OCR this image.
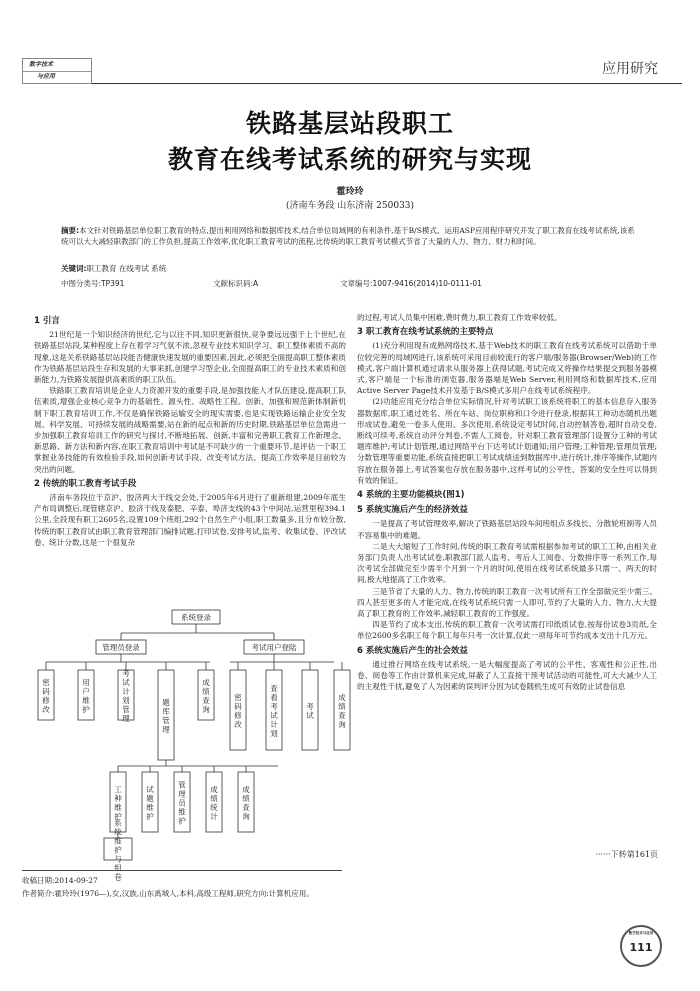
数字技术
与应用	应用研究
铁路基层站段职工
教育在线考试系统的研究与实现
霍玲玲
(济南车务段 山东济南 250033)
摘要:本文针对铁路基层单位职工教育的特点,提出利用网络和数据库技术,结合单位局域网的有利条件,基于B/S模式、运用ASP应用程序研究开发了职工教育在线考试系统,该系统可以大大减轻职教部门的工作负担,提高工作效率,优化职工教育考试的流程,比传统的职工教育考试模式节省了大量的人力、物力、财力和时间。
关键词:职工教育 在线考试 系统
中图分类号:TP391	文献标识码:A	文章编号:1007-9416(2014)10-0111-01
1 引言

21世纪是一个知识经济的世纪,它与以往不同,知识更新很快,竞争要远远强于上个世纪,在铁路基层站段,某种程度上存在着学习气氛不浓,忽视专业技术知识学习、职工整体素质不高的现象,这是关系铁路基层站段能否健康快速发展的重要因素,因此,必须把全面提高职工整体素质作为铁路基层站段生存和发展的大事来抓,创建学习型企业,全面提高职工的专业技术素质和创新能力,为铁路发展提供高素质的职工队伍。

铁路职工教育培训是企业人力资源开发的重要手段,是加强技能人才队伍建设,提高职工队伍素质,增强企业核心竞争力的基础性、源头性、战略性工程。创新、加强和规范新体制新机制下职工教育培训工作,不仅是确保铁路运输安全的现实需要,也是实现铁路运输企业安全发展、科学发展、可持续发展的战略需要,站在新的起点和新的历史时期,铁路基层单位急需进一步加强职工教育培训工作的研究与探讨,不断地拓展、创新,丰富和完善职工教育工作新理念、新思路、新方法和新内容,在职工教育培训中考试是不可缺少的一个重要环节,是评估一个职工掌握业务技能的有效检验手段,如何创新考试手段、改变考试方法、提高工作效率是目前较为突出的问题。

2 传统的职工教育考试手段

济南车务段位于京沪、胶济两大干线交会处,于2005年6月进行了重新组建,2009年底生产布局调整后,现管辖京沪、胶济干线及泰肥、辛泰、埠济支线的43个中间站,运营里程394.1公里,全段现有职工2605名,设置109个班组,292个自然生产小组,职工数量多,且分布较分散,传统的职工教育试由职工教育管理部门编排试题,打印试卷,安排考试,监考、收集试卷、评改试卷、统计分数,这是一个很复杂

的过程,考试人员集中困难,费时费力,职工教育工作效率较低。

3 职工教育在线考试系统的主要特点

(1)充分利用现有成熟网络技术,基于Web技术的职工教育在线考试系统可以借助于单位较完善的局域网进行,该系统可采用目前较流行的客户端/服务器(Browser/Web)的工作模式,客户端计算机通过请求从服务器上获得试题,考试完成又将操作结果提交到服务器模式,客户端是一个标准的浏览器,服务器端是Web Server,利用网络和数据库技术,应用Active Server Page技术开发基于B/S模式多用户在线考试系统程序。

(2)功能应用充分结合单位实际情况,针对考试职工该系统将职工的基本信息存入服务器数据库,职工通过姓名、所在车站、岗位职称和口令进行登录,根据其工种动态随机出题形成试卷,避免一卷多人使用、多次使用,系统设定考试时间,自动控制答卷,超时自动交卷,断线可续考,系统自动评分判卷,不需人工阅卷。针对职工教育管理部门设置分工种的考试题库维护;考试计划管理,通过网络平台下达考试计划通知;用户管理;工种管理;管理员管理;分数管理等重要功能,系统直接把职工考试成绩送到数据库中,进行统计,排序等操作,试题内容放在服务器上,考试答案也存放在服务器中,这样考试的公平性、答案的安全性可以得到有效的保证。

4 系统的主要功能模块(图1)
5 系统实施后产生的经济效益

一是提高了考试管理效率,解决了铁路基层站段车间班组点多线长、分散轮班制等人员不容易集中的难题。

二是大大缩短了工作时间,传统的职工教育考试需根据参加考试的职工工种,由相关业务部门负责人出考试试卷,职教部门派人监考、考后人工阅卷、分数排序等一系列工作,每次考试全部做完至少需半个月到一个月的时间,使用在线考试系统最多只需一、两天的时间,极大地提高了工作效率。

三是节省了大量的人力、物力,传统的职工教育一次考试所有工作全部做完至少需三、四人甚至更多的人才能完成,在线考试系统只需一人即可,节约了大量的人力、物力,大大提高了职工教育的工作效率,减轻职工教育的工作强度。

四是节约了成本支出,传统的职工教育一次考试需打印纸质试卷,按每份试卷3页纸,全单位2600多名职工每个职工每年只考一次计算,仅此一项每年可节约成本支出十几万元。

6 系统实施后产生的社会效益

通过推行网络在线考试系统,一是大幅度提高了考试的公平性、客观性和公正性,出卷、阅卷等工作由计算机来完成,屏蔽了人工直接干预考试活动的可能性,可大大减少人工的主观性干扰,避免了人为因素的误判评分因为试卷随机生成可有效防止试卷信息

······下转第161页
密码修改
用户维护
考试计划管理
题库管理
成绩查询
密码修改
查看考试计划
考试
成绩查询
工种维护
试题维护
管理员维护
成绩统计
成绩查询
系统维护与组卷
系统登录
管理员登录	考试用户登陆
收稿日期:2014-09-27
作者简介:霍玲玲(1976—),女,汉族,山东禹城人,本科,高级工程师,研究方向:计算机应用。
数字技术与应用
111
